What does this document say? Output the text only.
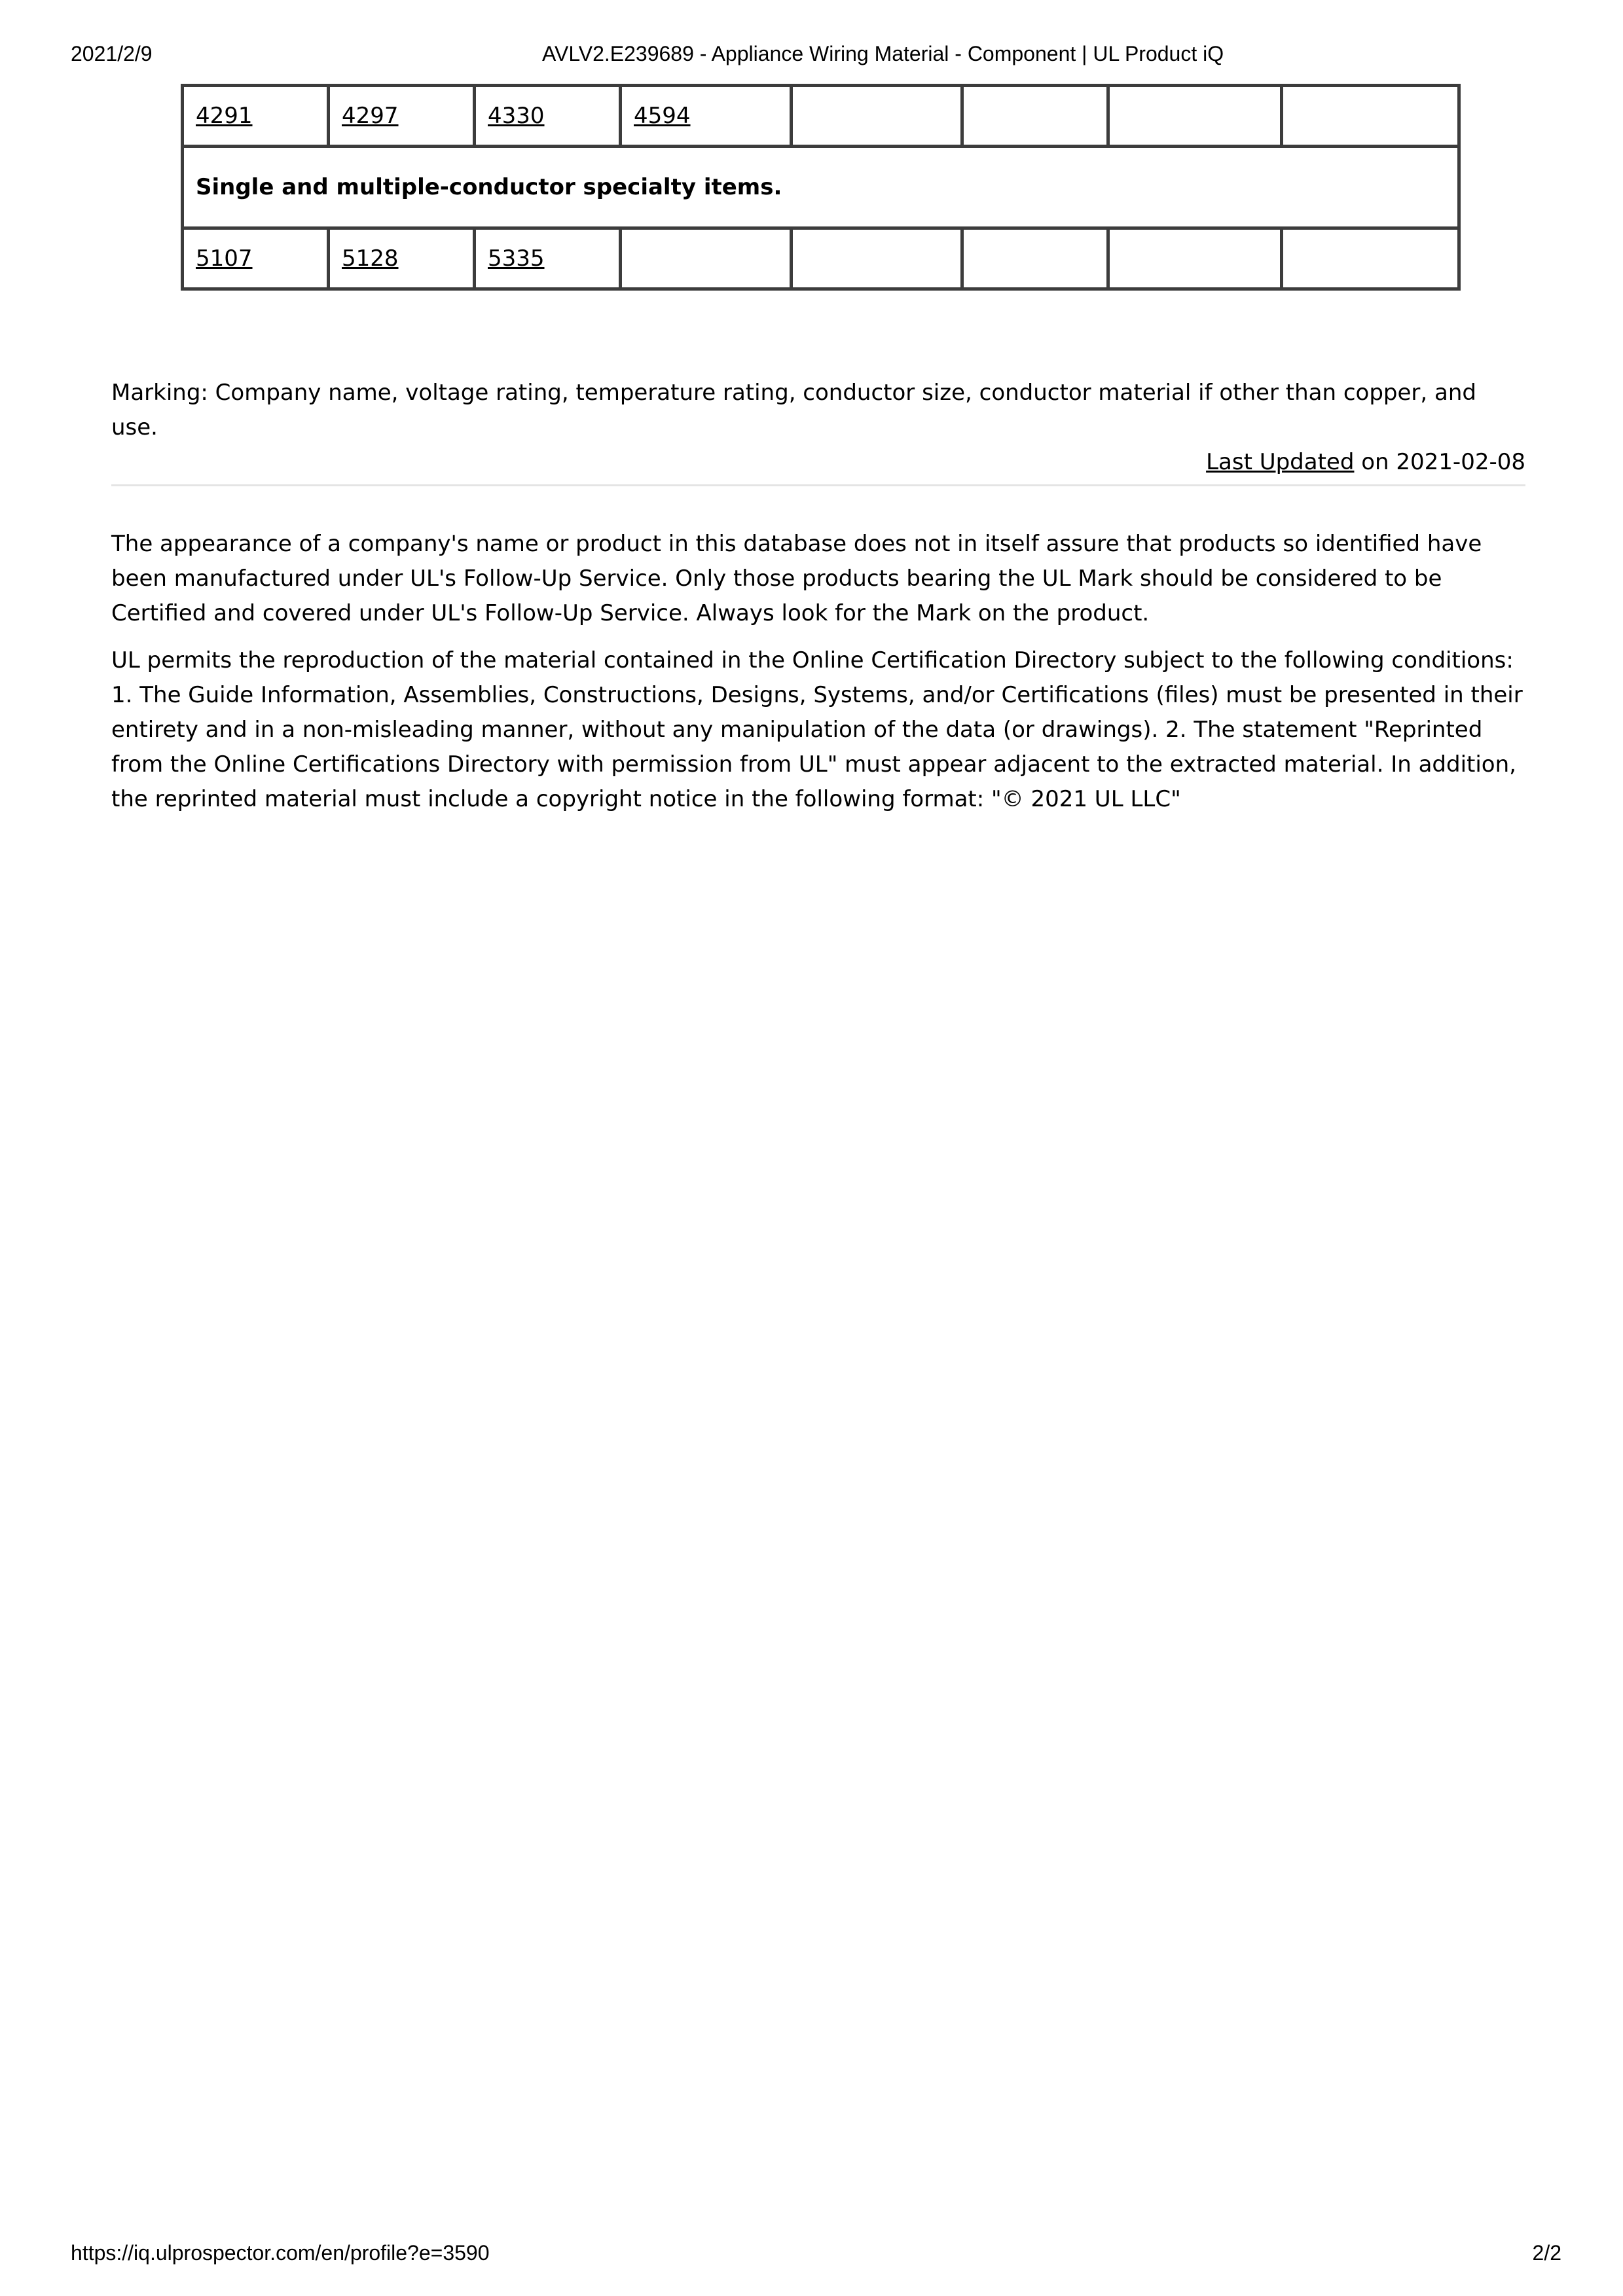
2021/2/9	AVLV2.E239689 - Appliance Wiring Material - Component | UL Product iQ
4291	4297	4330	4594				
Single and multiple-conductor specialty items.							
5107	5128	5335					

Marking: Company name, voltage rating, temperature rating, conductor size, conductor material if other than copper, and use.

Last Updated on 2021-02-08

The appearance of a company's name or product in this database does not in itself assure that products so identified have been manufactured under UL's Follow-Up Service. Only those products bearing the UL Mark should be considered to be Certified and covered under UL's Follow-Up Service. Always look for the Mark on the product.

UL permits the reproduction of the material contained in the Online Certification Directory subject to the following conditions: 1. The Guide Information, Assemblies, Constructions, Designs, Systems, and/or Certifications (files) must be presented in their entirety and in a non-misleading manner, without any manipulation of the data (or drawings). 2. The statement "Reprinted from the Online Certifications Directory with permission from UL" must appear adjacent to the extracted material. In addition, the reprinted material must include a copyright notice in the following format: "© 2021 UL LLC"

https://iq.ulprospector.com/en/profile?e=3590	2/2
